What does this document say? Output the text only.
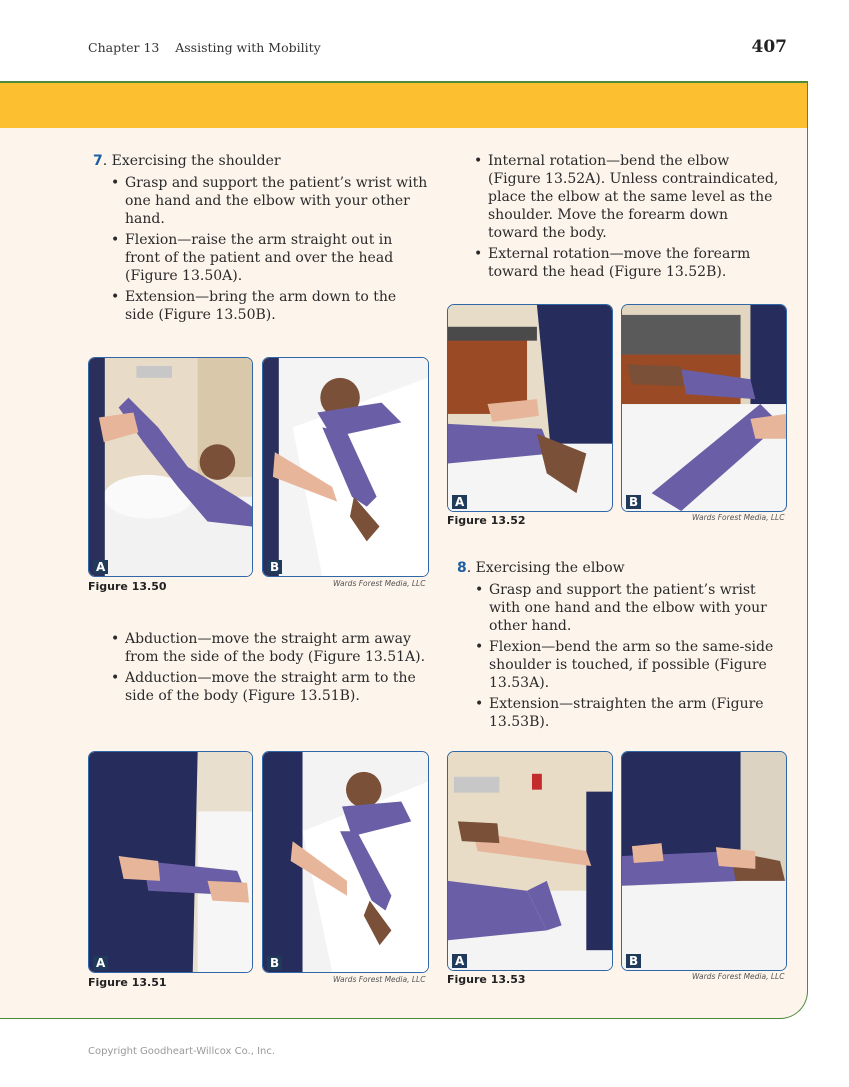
Chapter 13    Assisting with Mobility	407

7. Exercising the shoulder

• Grasp and support the patient’s wrist with one hand and the elbow with your other hand.
• Flexion—raise the arm straight out in front of the patient and over the head (Figure 13.50A).
• Extension—bring the arm down to the side (Figure 13.50B).
• Abduction—move the straight arm away from the side of the body (Figure 13.51A).
• Adduction—move the straight arm to the side of the body (Figure 13.51B).
• Internal rotation—bend the elbow (Figure 13.52A). Unless contraindicated, place the elbow at the same level as the shoulder. Move the forearm down toward the body.
• External rotation—move the forearm toward the head (Figure 13.52B).

8. Exercising the elbow

• Grasp and support the patient’s wrist with one hand and the elbow with your other hand.
• Flexion—bend the arm so the same-side shoulder is touched, if possible (Figure 13.53A).
• Extension—straighten the arm (Figure 13.53B).
A	B
Figure 13.50	Wards Forest Media, LLC
A	B
Figure 13.51	Wards Forest Media, LLC
A	B
Figure 13.52	Wards Forest Media, LLC
A	B
Figure 13.53	Wards Forest Media, LLC
Copyright Goodheart-Willcox Co., Inc.
